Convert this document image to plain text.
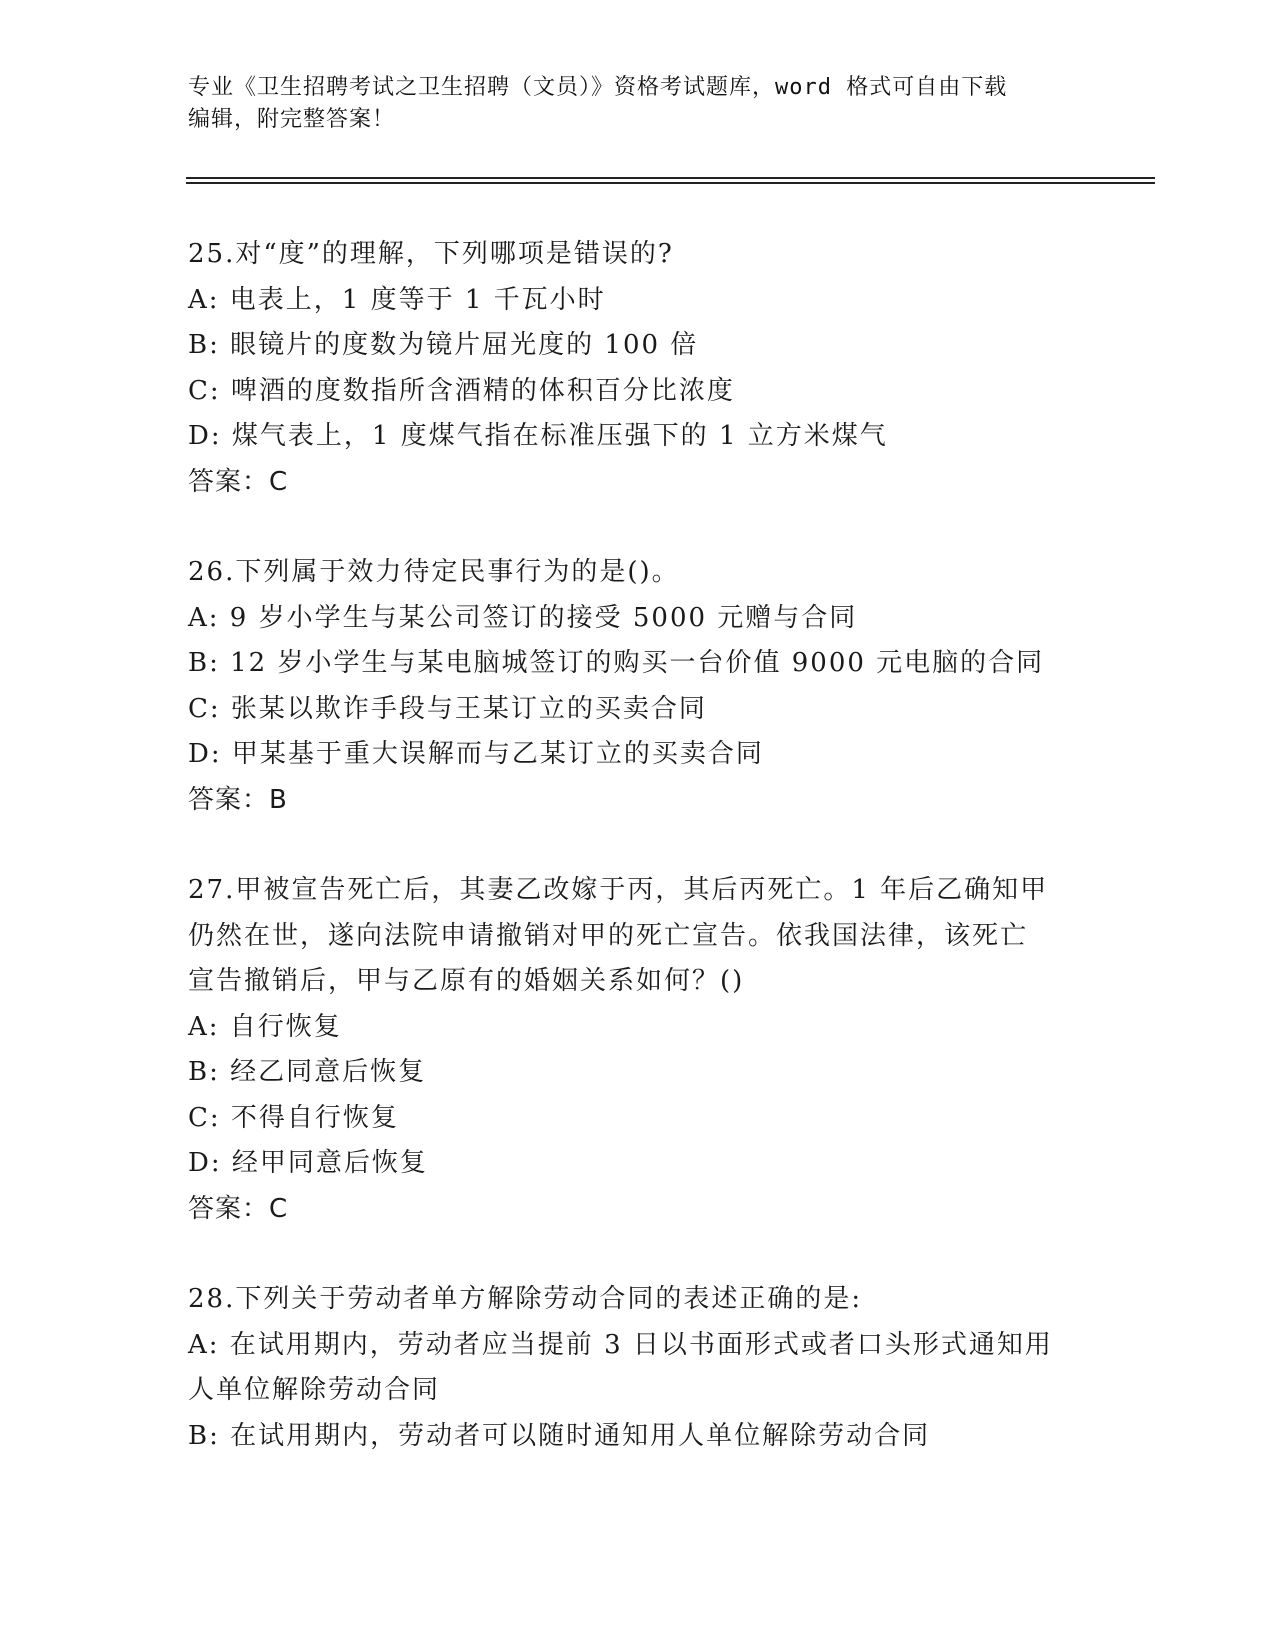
专业《卫生招聘考试之卫生招聘（文员）》资格考试题库，word 格式可自由下载
编辑，附完整答案！
25.对“度”的理解，下列哪项是错误的?
A: 电表上，1 度等于 1 千瓦小时
B: 眼镜片的度数为镜片屈光度的 100 倍
C: 啤酒的度数指所含酒精的体积百分比浓度
D: 煤气表上，1 度煤气指在标准压强下的 1 立方米煤气
答案：C
26.下列属于效力待定民事行为的是()。
A: 9 岁小学生与某公司签订的接受 5000 元赠与合同
B: 12 岁小学生与某电脑城签订的购买一台价值 9000 元电脑的合同
C: 张某以欺诈手段与王某订立的买卖合同
D: 甲某基于重大误解而与乙某订立的买卖合同
答案：B
27.甲被宣告死亡后，其妻乙改嫁于丙，其后丙死亡。1 年后乙确知甲
仍然在世，遂向法院申请撤销对甲的死亡宣告。依我国法律，该死亡
宣告撤销后，甲与乙原有的婚姻关系如何？()
A: 自行恢复
B: 经乙同意后恢复
C: 不得自行恢复
D: 经甲同意后恢复
答案：C
28.下列关于劳动者单方解除劳动合同的表述正确的是:
A: 在试用期内，劳动者应当提前 3 日以书面形式或者口头形式通知用
人单位解除劳动合同
B: 在试用期内，劳动者可以随时通知用人单位解除劳动合同
